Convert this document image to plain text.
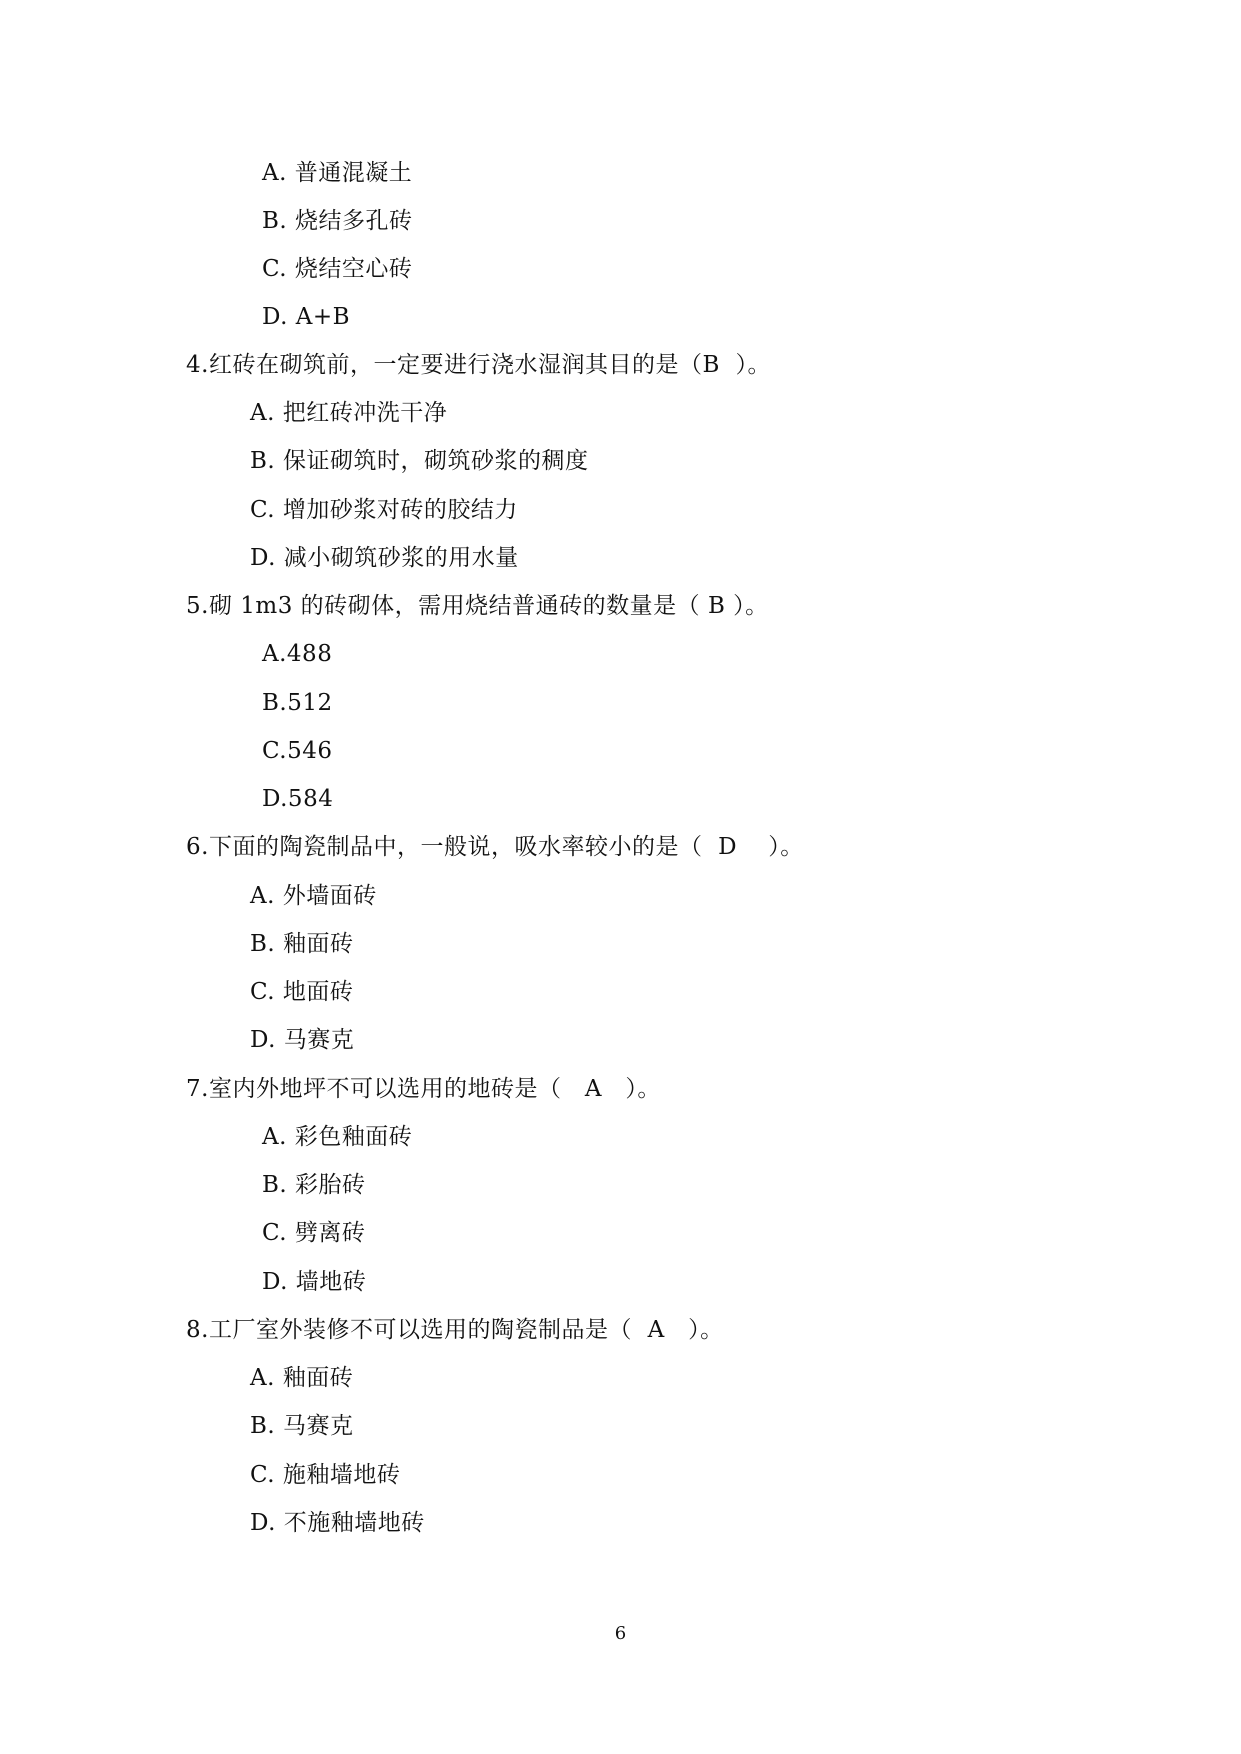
A. 普通混凝土
B. 烧结多孔砖
C. 烧结空心砖
D. A+B
4.红砖在砌筑前，一定要进行浇水湿润其目的是（B  ）。
A. 把红砖冲洗干净
B. 保证砌筑时，砌筑砂浆的稠度
C. 增加砂浆对砖的胶结力
D. 减小砌筑砂浆的用水量
5.砌 1m3 的砖砌体，需用烧结普通砖的数量是（ B ）。
A.488
B.512
C.546
D.584
6.下面的陶瓷制品中，一般说，吸水率较小的是（  D    ）。
A. 外墙面砖
B. 釉面砖
C. 地面砖
D. 马赛克
7.室内外地坪不可以选用的地砖是（   A   ）。
A. 彩色釉面砖
B. 彩胎砖
C. 劈离砖
D. 墙地砖
8.工厂室外装修不可以选用的陶瓷制品是（  A   ）。
A. 釉面砖
B. 马赛克
C. 施釉墙地砖
D. 不施釉墙地砖
6
